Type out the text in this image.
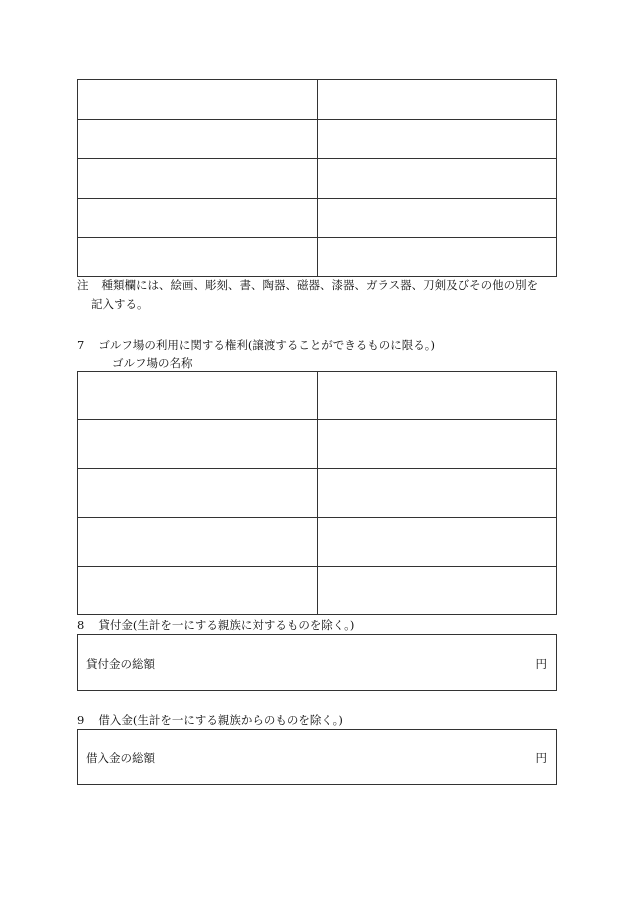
注 種類欄には、絵画、彫刻、書、陶器、磁器、漆器、ガラス器、刀剣及びその他の別を
記入する。
7 ゴルフ場の利用に関する権利(譲渡することができるものに限る。)
ゴルフ場の名称

8 貸付金(生計を一にする親族に対するものを除く。)
貸付金の総額	円
9 借入金(生計を一にする親族からのものを除く。)
借入金の総額	円
